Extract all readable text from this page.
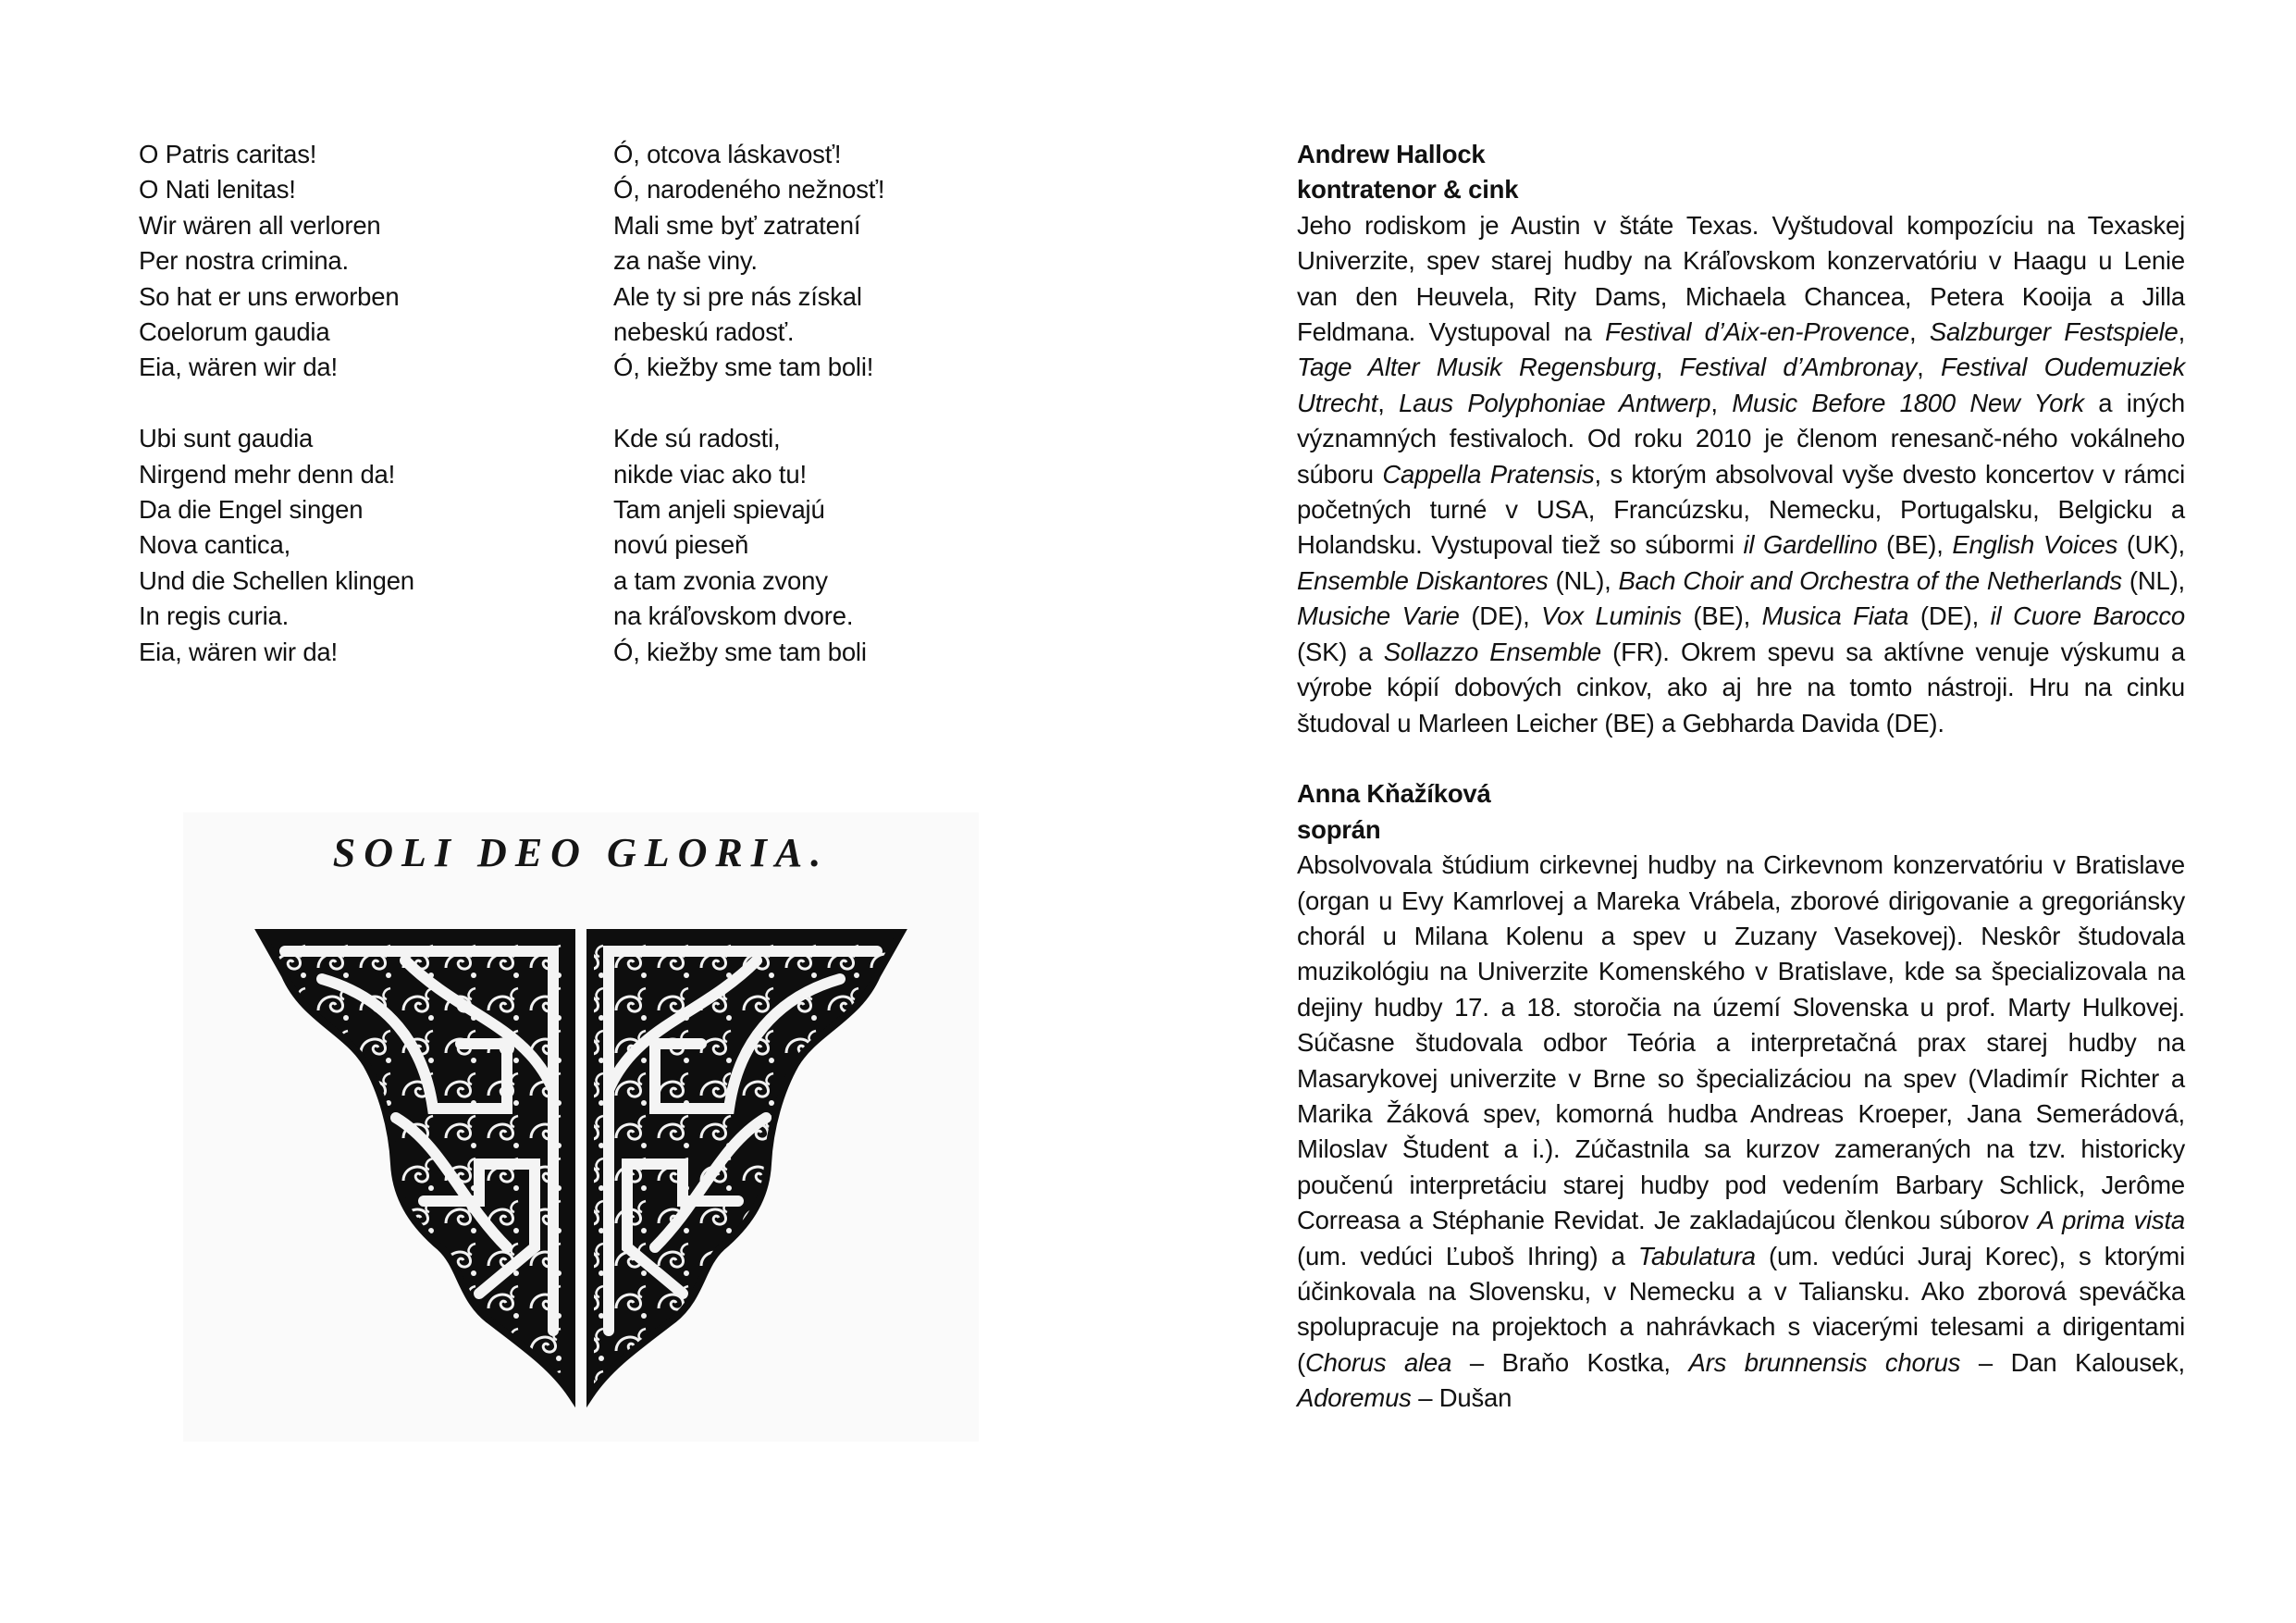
O Patris caritas!
O Nati lenitas!
Wir wären all verloren
Per nostra crimina.
So hat er uns erworben
Coelorum gaudia
Eia, wären wir da!
Ubi sunt gaudia
Nirgend mehr denn da!
Da die Engel singen
Nova cantica,
Und die Schellen klingen
In regis curia.
Eia, wären wir da!
Ó, otcova láskavosť!
Ó, narodeného nežnosť!
Mali sme byť zatratení
za naše viny.
Ale ty si pre nás získal
nebeskú radosť.
Ó, kiežby sme tam boli!
Kde sú radosti,
nikde viac ako tu!
Tam anjeli spievajú
novú pieseň
a tam zvonia zvony
na kráľovskom dvore.
Ó, kiežby sme tam boli
SOLI DEO GLORIA.
Andrew Hallock
kontratenor & cink
Jeho rodiskom je Austin v štáte Texas. Vyštudoval kompozíciu na Texaskej Univerzite, spev starej hudby na Kráľovskom konzervatóriu v Haagu u Lenie van den Heuvela, Rity Dams, Michaela Chancea, Petera Kooija a Jilla Feldmana. Vystupoval na Festival d’Aix-en-Provence, Salzburger Festspiele, Tage Alter Musik Regensburg, Festival d’Ambronay, Festival Oudemuziek Utrecht, Laus Polyphoniae Antwerp, Music Before 1800 New York a iných významných festivaloch. Od roku 2010 je členom renesanč-ného vokálneho súboru Cappella Pratensis, s ktorým absolvoval vyše dvesto koncertov v rámci početných turné v USA, Francúzsku, Nemecku, Portugalsku, Belgicku a Holandsku. Vystupoval tiež so súbormi il Gardellino (BE), English Voices (UK), Ensemble Diskantores (NL), Bach Choir and Orchestra of the Netherlands (NL), Musiche Varie (DE), Vox Luminis (BE), Musica Fiata (DE), il Cuore Barocco (SK) a Sollazzo Ensemble (FR). Okrem spevu sa aktívne venuje výskumu a výrobe kópií dobových cinkov, ako aj hre na tomto nástroji. Hru na cinku študoval u Marleen Leicher (BE) a Gebharda Davida (DE).
Anna Kňažíková
soprán
Absolvovala štúdium cirkevnej hudby na Cirkevnom konzervatóriu v Bratislave (organ u Evy Kamrlovej a Mareka Vrábela, zborové dirigovanie a gregoriánsky chorál u Milana Kolenu a spev u Zuzany Vasekovej). Neskôr študovala muzikológiu na Univerzite Komenského v Bratislave, kde sa špecializovala na dejiny hudby 17. a 18. storočia na území Slovenska u prof. Marty Hulkovej. Súčasne študovala odbor Teória a interpretačná prax starej hudby na Masarykovej univerzite v Brne so špecializáciou na spev (Vladimír Richter a Marika Žáková spev, komorná hudba Andreas Kroeper, Jana Semerádová, Miloslav Študent a i.). Zúčastnila sa kurzov zameraných na tzv. historicky poučenú interpretáciu starej hudby pod vedením Barbary Schlick, Jerôme Correasa a Stéphanie Revidat. Je zakladajúcou členkou súborov A prima vista (um. vedúci Ľuboš Ihring) a Tabulatura (um. vedúci Juraj Korec), s ktorými účinkovala na Slovensku, v Nemecku a v Taliansku. Ako zborová speváčka spolupracuje na projektoch a nahrávkach s viacerými telesami a dirigentami (Chorus alea – Braňo Kostka, Ars brunnensis chorus – Dan Kalousek, Adoremus – Dušan
